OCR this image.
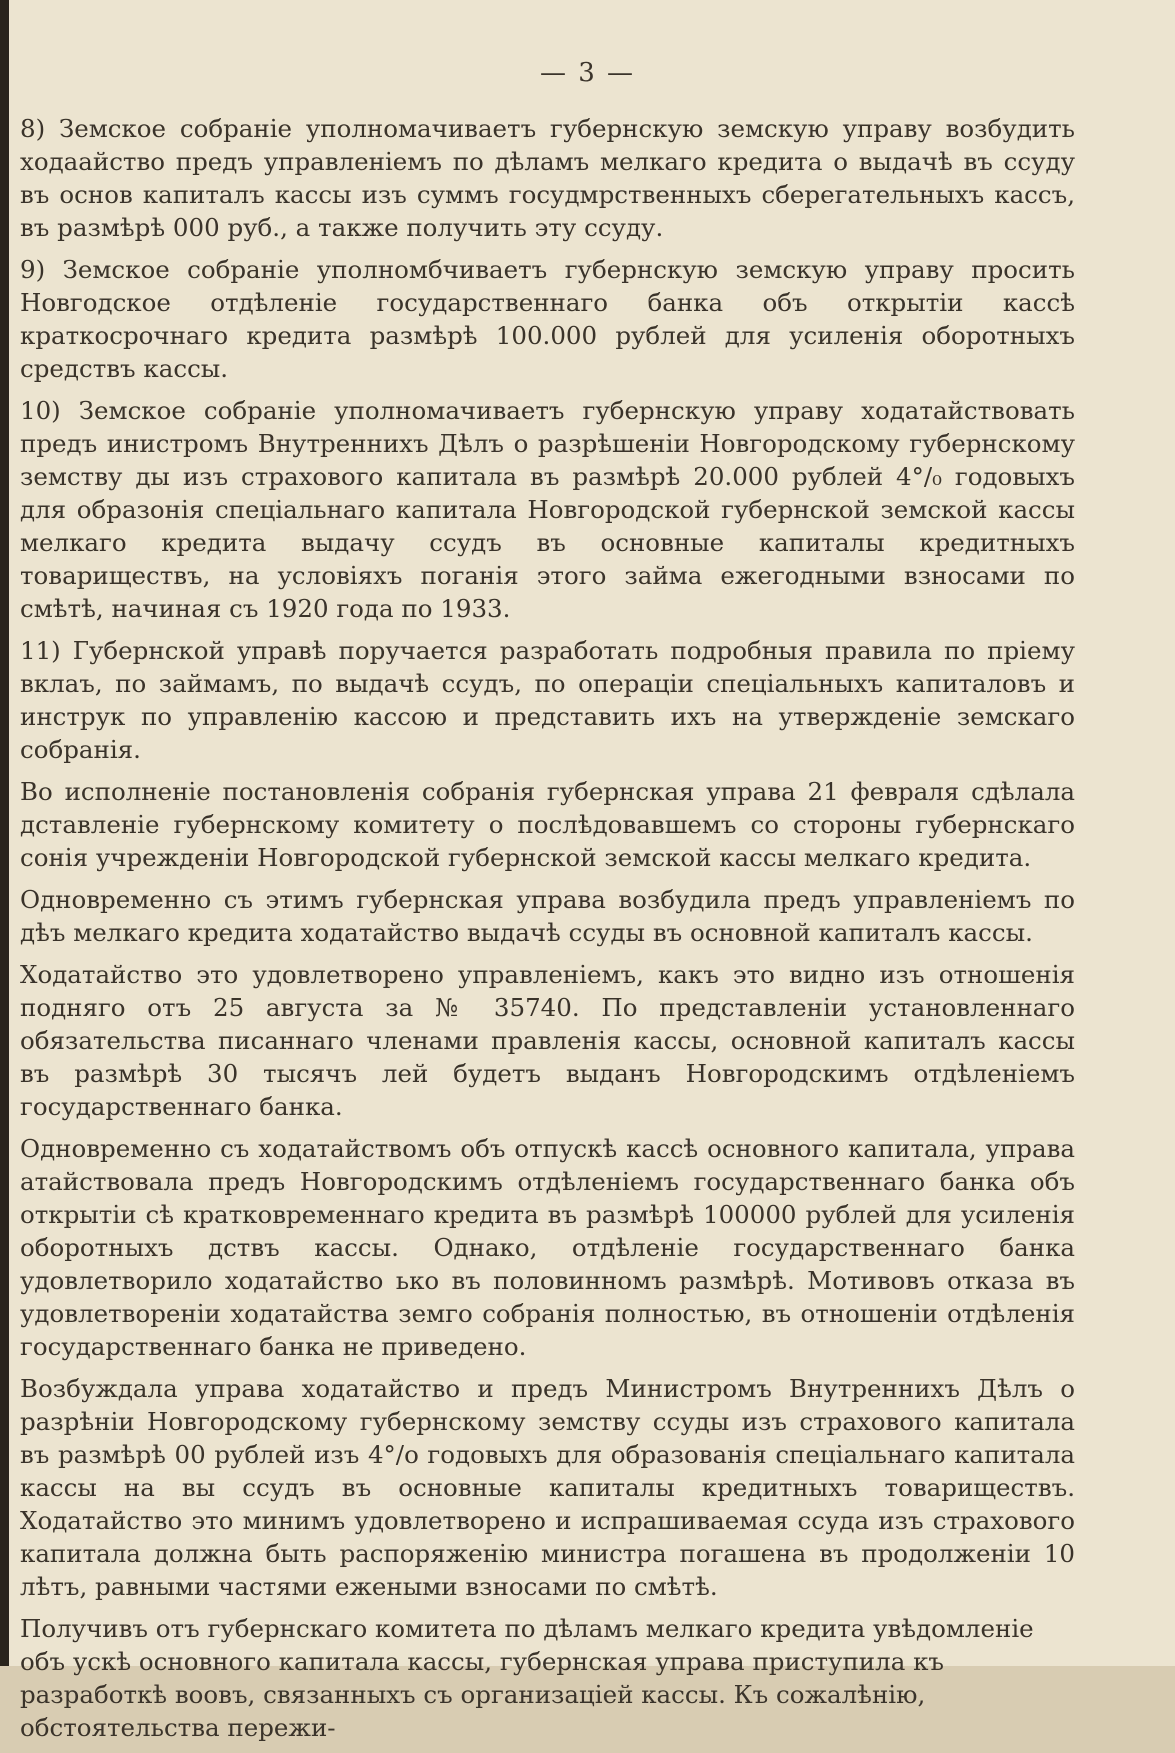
— 3 —

8) Земское собраніе уполномачиваетъ губернскую земскую управу возбудить ходаайство предъ управленіемъ по дѣламъ мелкаго кредита о выдачѣ въ ссуду въ основ капиталъ кассы изъ суммъ госудмрственныхъ сберегательныхъ кассъ, въ размѣрѣ 000 руб., а также получить эту ссуду.

9) Земское собраніе уполномбчиваетъ губернскую земскую управу просить Новгодское отдѣленіе государственнаго банка объ открытіи кассѣ краткосрочнаго кредита размѣрѣ 100.000 рублей для усиленія оборотныхъ средствъ кассы.

10) Земское собраніе уполномачиваетъ губернскую управу ходатайствовать предъ инистромъ Внутреннихъ Дѣлъ о разрѣшеніи Новгородскому губернскому земству ды изъ страхового капитала въ размѣрѣ 20.000 рублей 4°/₀ годовыхъ для образонія спеціальнаго капитала Новгородской губернской земской кассы мелкаго кредита выдачу ссудъ въ основные капиталы кредитныхъ товариществъ, на условіяхъ поганія этого займа ежегодными взносами по смѣтѣ, начиная съ 1920 года по 1933.

11) Губернской управѣ поручается разработать подробныя правила по пріему вклаъ, по займамъ, по выдачѣ ссудъ, по операціи спеціальныхъ капиталовъ и инструк по управленію кассою и представить ихъ на утвержденіе земскаго собранія.

Во исполненіе постановленія собранія губернская управа 21 февраля сдѣлала дставленіе губернскому комитету о послѣдовавшемъ со стороны губернскаго сонія учрежденіи Новгородской губернской земской кассы мелкаго кредита.

Одновременно съ этимъ губернская управа возбудила предъ управленіемъ по дѣъ мелкаго кредита ходатайство выдачѣ ссуды въ основной капиталъ кассы.

Ходатайство это удовлетворено управленіемъ, какъ это видно изъ отношенія поднягo отъ 25 августа за № 35740. По представленіи установленнаго обязательства писаннаго членами правленія кассы, основной капиталъ кассы въ размѣрѣ 30 тысячъ лей будетъ выданъ Новгородскимъ отдѣленіемъ государственнаго банка.

Одновременно съ ходатайствомъ объ отпускѣ кассѣ основного капитала, управа атайствовала предъ Новгородскимъ отдѣленіемъ государственнаго банка объ открытіи сѣ кратковременнаго кредита въ размѣрѣ 100000 рублей для усиленія оборотныхъ дствъ кассы. Однако, отдѣленіе государственнаго банка удовлетворило ходатайство ько въ половинномъ размѣрѣ. Мотивовъ отказа въ удовлетвореніи ходатайства земго собранія полностью, въ отношеніи отдѣленія государственнаго банка не приведено.

Возбуждала управа ходатайство и предъ Министромъ Внутреннихъ Дѣлъ о разрѣніи Новгородскому губернскому земству ссуды изъ страхового капитала въ размѣрѣ 00 рублей изъ 4°/о годовыхъ для образованія спеціальнаго капитала кассы на вы ссудъ въ основные капиталы кредитныхъ товариществъ. Ходатайство это минимъ удовлетворено и испрашиваемая ссуда изъ страхового капитала должна быть распоряженію министра погашена въ продолженіи 10 лѣтъ, равными частями ежеными взносами по смѣтѣ.

Получивъ отъ губернскаго комитета по дѣламъ мелкаго кредита увѣдомленіе объ ускѣ основного капитала кассы, губернская управа приступила къ разработкѣ воовъ, связанныхъ съ организаціей кассы. Къ сожалѣнію, обстоятельства пережи-
